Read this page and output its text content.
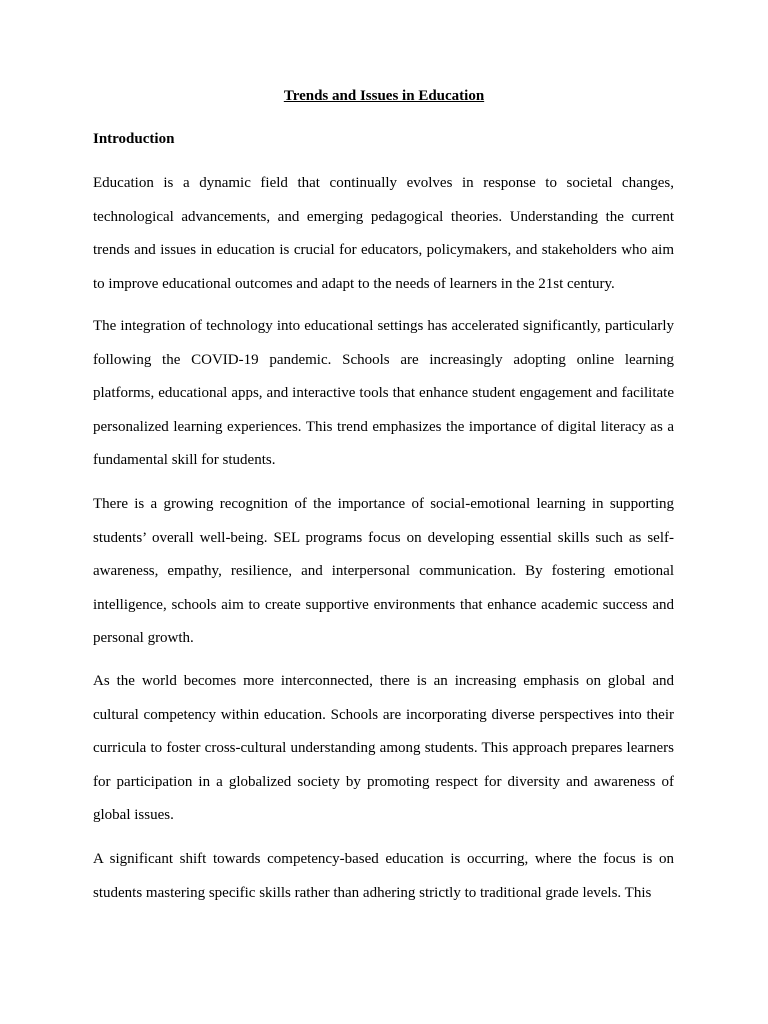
Trends and Issues in Education
Introduction

Education is a dynamic field that continually evolves in response to societal changes, technological advancements, and emerging pedagogical theories. Understanding the current trends and issues in education is crucial for educators, policymakers, and stakeholders who aim to improve educational outcomes and adapt to the needs of learners in the 21st century.

The integration of technology into educational settings has accelerated significantly, particularly following the COVID-19 pandemic. Schools are increasingly adopting online learning platforms, educational apps, and interactive tools that enhance student engagement and facilitate personalized learning experiences. This trend emphasizes the importance of digital literacy as a fundamental skill for students.

There is a growing recognition of the importance of social-emotional learning in supporting students’ overall well-being. SEL programs focus on developing essential skills such as self-awareness, empathy, resilience, and interpersonal communication. By fostering emotional intelligence, schools aim to create supportive environments that enhance academic success and personal growth.

As the world becomes more interconnected, there is an increasing emphasis on global and cultural competency within education. Schools are incorporating diverse perspectives into their curricula to foster cross-cultural understanding among students. This approach prepares learners for participation in a globalized society by promoting respect for diversity and awareness of global issues.

A significant shift towards competency-based education is occurring, where the focus is on students mastering specific skills rather than adhering strictly to traditional grade levels. This
